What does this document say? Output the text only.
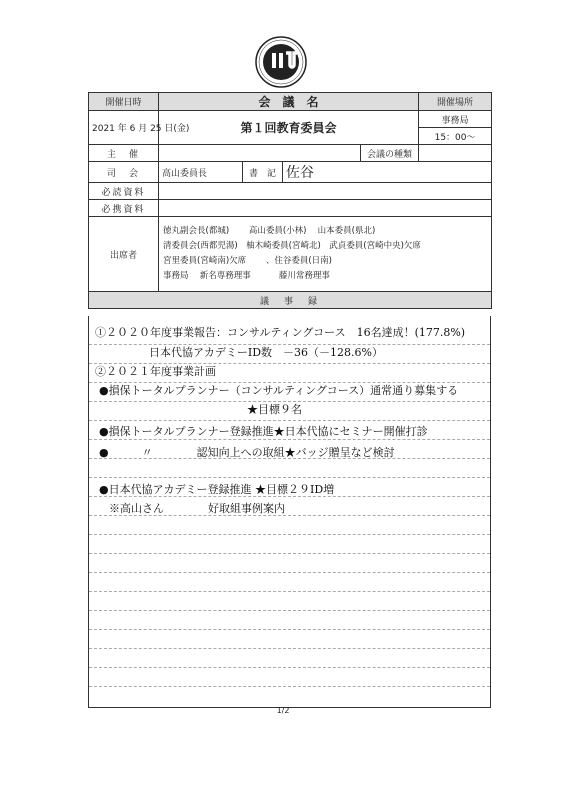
開催日時	会　議　名				開催場所
2021 年 6 月 25 日(金)	第１回教育委員会				事務局
					15：00～
主　催				会議の種類	
司　会	高山委員長	書　記	佐谷		
必読資料					
必携資料					
出席者	徳丸副会長(都城)　　 高山委員(小林)　 山本委員(県北)
清委員会(西都児湯)　柚木崎委員(宮崎北)　武貞委員(宮崎中央)欠席
宮里委員(宮崎南)欠席　　 、住谷委員(日南)
事務局　 新名専務理事　　　 藤川常務理事				

議　事　録					
①２０２０年度事業報告：コンサルティングコース　16名達成！(177.8%)
日本代協アカデミーID数　－36（－128.6%）
②２０２１年度事業計画
●損保トータルプランナー（コンサルティングコース）通常通り募集する
★目標９名
●損保トータルプランナー登録推進★日本代協にセミナー開催打診
●　　　〃　　　　認知向上への取組★バッジ贈呈など検討
●日本代協アカデミー登録推進 ★目標２９ID増
※高山さん　　　　好取組事例案内
1/2
